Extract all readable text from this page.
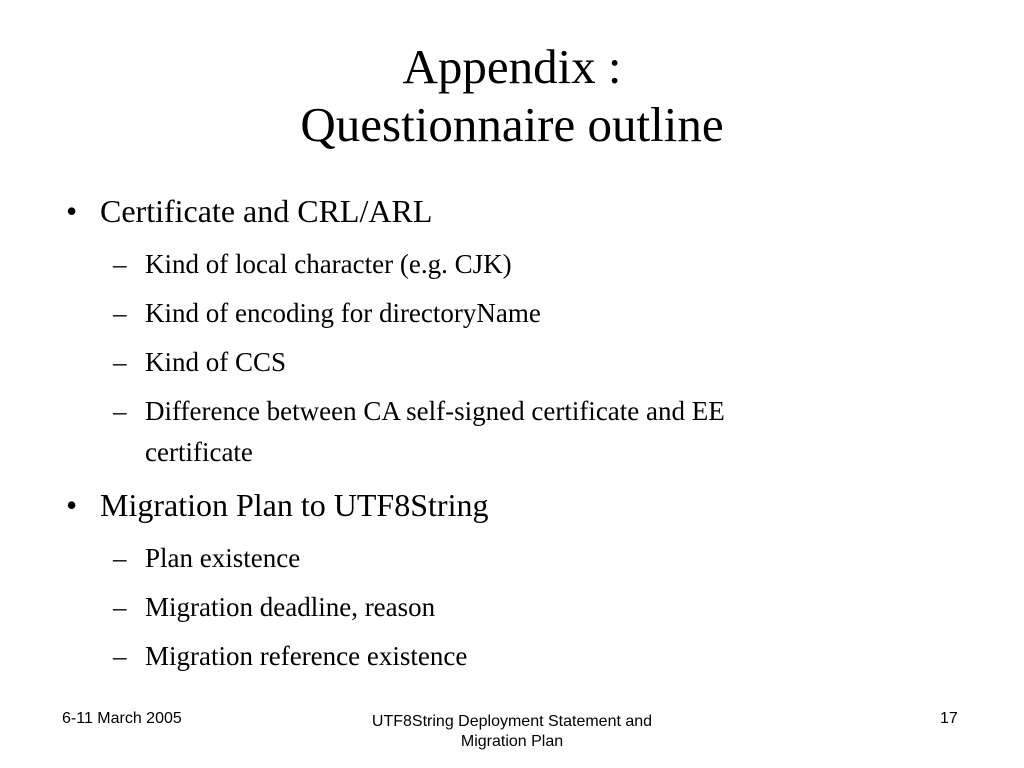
Appendix :
Questionnaire outline
• Certificate and CRL/ARL
– Kind of local character (e.g. CJK)
– Kind of encoding for directoryName
– Kind of CCS
– Difference between CA self-signed certificate and EE
certificate
• Migration Plan to UTF8String
– Plan existence
– Migration deadline, reason
– Migration reference existence
6-11 March 2005	UTF8String Deployment Statement and
Migration Plan
17
